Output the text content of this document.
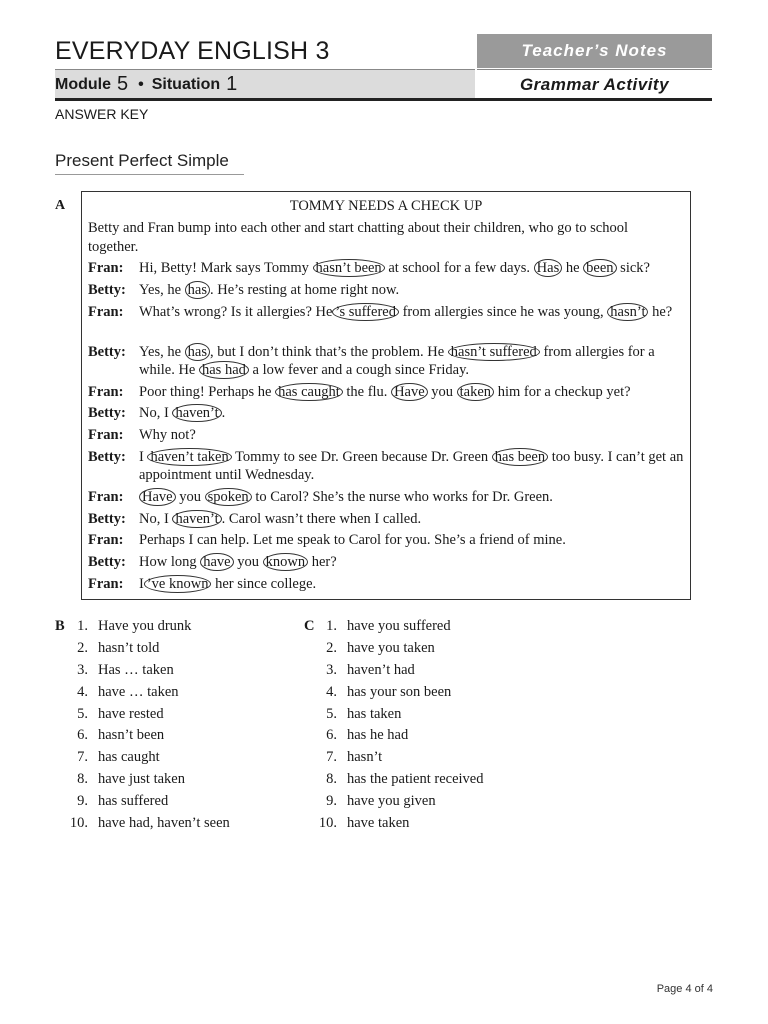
EVERYDAY ENGLISH 3	Teacher’s Notes
Module 5 • Situation 1	Grammar Activity
ANSWER KEY
Present Perfect Simple
A	TOMMY NEEDS A CHECK UP
Betty and Fran bump into each other and start chatting about their children, who go to school together.
Fran: Hi, Betty! Mark says Tommy hasn’t been at school for a few days. Has he been sick?
Betty: Yes, he has . He’s resting at home right now.
Fran: What’s wrong? Is it allergies? He ’s suffered from allergies since he was young, hasn’t he?
Betty: Yes, he has , but I don’t think that’s the problem. He hasn’t suffered from allergies for a while. He has had a low fever and a cough since Friday.
Fran: Poor thing! Perhaps he has caught the flu. Have you taken him for a checkup yet?
Betty: No, I haven’t .
Fran: Why not?
Betty: I haven’t taken Tommy to see Dr. Green because Dr. Green has been too busy. I can’t get an appointment until Wednesday.
Fran: Have you spoken to Carol? She’s the nurse who works for Dr. Green.
Betty: No, I haven’t . Carol wasn’t there when I called.
Fran: Perhaps I can help. Let me speak to Carol for you. She’s a friend of mine.
Betty: How long have you known her?
Fran: I ’ve known her since college.
B	C
1. Have you drunk
2. hasn’t told
3. Has … taken
4. have … taken
5. have rested
6. hasn’t been
7. has caught
8. have just taken
9. has suffered
10. have had, haven’t seen
1. have you suffered
2. have you taken
3. haven’t had
4. has your son been
5. has taken
6. has he had
7. hasn’t
8. has the patient received
9. have you given
10. have taken
Page 4 of 4
